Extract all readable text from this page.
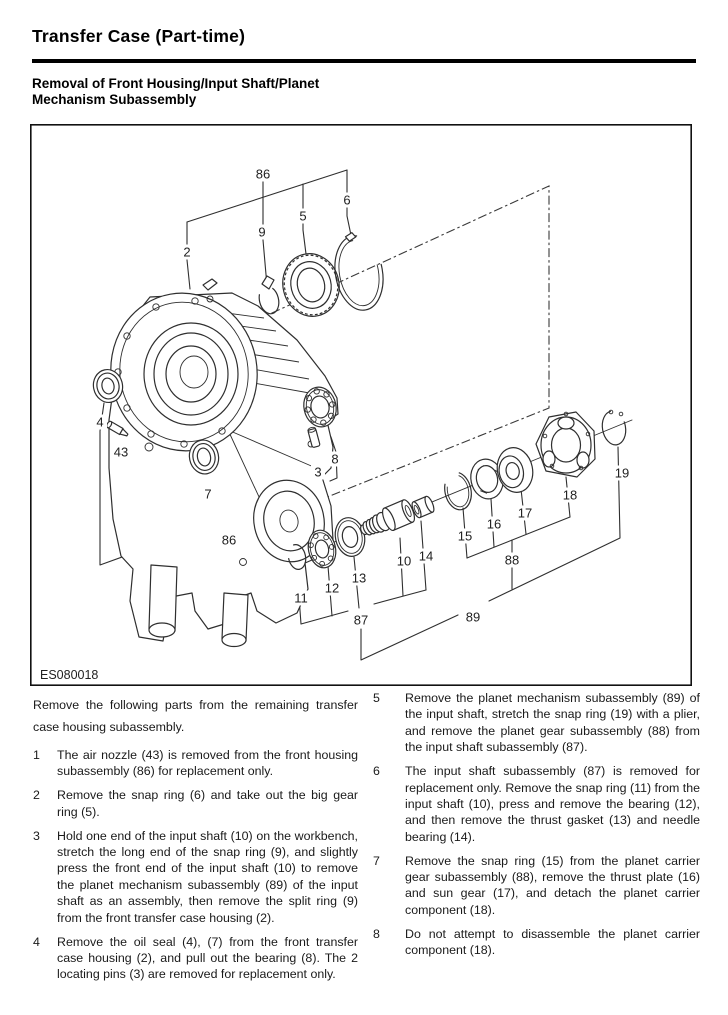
Transfer Case (Part-time)
Removal of Front Housing/Input Shaft/Planet Mechanism Subassembly
86
6
5
9
2
4
43
7
8
3
86
11
12
13
10 14
87
15
16
17
18
19
88
89
ES080018
Remove the following parts from the remaining transfer case housing subassembly.
1	The air nozzle (43) is removed from the front housing subassembly (86) for replacement only.
2	Remove the snap ring (6) and take out the big gear ring (5).
3	Hold one end of the input shaft (10) on the workbench, stretch the long end of the snap ring (9), and slightly press the front end of the input shaft (10) to remove the planet mechanism subassembly (89) of the input shaft as an assembly, then remove the split ring (9) from the front transfer case housing (2).
4	Remove the oil seal (4), (7) from the front transfer case housing (2), and pull out the bearing (8). The 2 locating pins (3) are removed for replacement only.
5	Remove the planet mechanism subassembly (89) of the input shaft, stretch the snap ring (19) with a plier, and remove the planet gear subassembly (88) from the input shaft subassembly (87).
6	The input shaft subassembly (87) is removed for replacement only. Remove the snap ring (11) from the input shaft (10), press and remove the bearing (12), and then remove the thrust gasket (13) and needle bearing (14).
7	Remove the snap ring (15) from the planet carrier gear subassembly (88), remove the thrust plate (16) and sun gear (17), and detach the planet carrier component (18).
8	Do not attempt to disassemble the planet carrier component (18).
